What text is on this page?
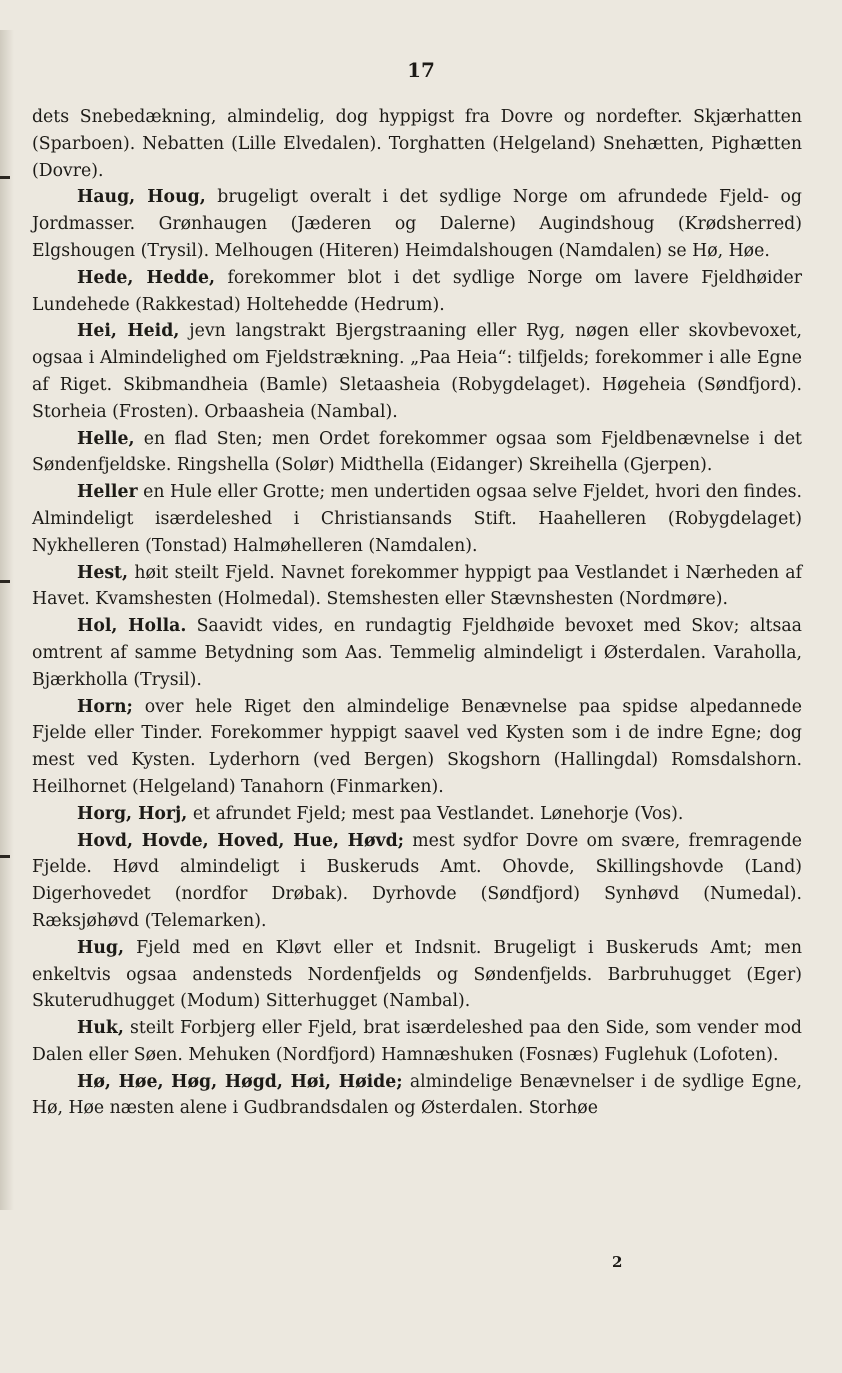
17

dets Snebedækning, almindelig, dog hyppigst fra Dovre og nordefter. Skjærhatten (Sparboen). Nebatten (Lille Elvedalen). Torghatten (Helgeland) Snehætten, Pighætten (Dovre).

Haug, Houg, brugeligt overalt i det sydlige Norge om afrundede Fjeld- og Jordmasser. Grønhaugen (Jæderen og Dalerne) Augindshoug (Krødsherred) Elgshougen (Trysil). Melhougen (Hiteren) Heimdalshougen (Namdalen) se Hø, Høe.

Hede, Hedde, forekommer blot i det sydlige Norge om lavere Fjeldhøider Lundehede (Rakkestad) Holtehedde (Hedrum).

Hei, Heid, jevn langstrakt Bjergstraaning eller Ryg, nøgen eller skovbevoxet, ogsaa i Almindelighed om Fjeldstrækning. „Paa Heia“: tilfjelds; forekommer i alle Egne af Riget. Skibmandheia (Bamle) Sletaasheia (Robygdelaget). Høgeheia (Søndfjord). Storheia (Frosten). Orbaasheia (Nambal).

Helle, en flad Sten; men Ordet forekommer ogsaa som Fjeldbenævnelse i det Søndenfjeldske. Ringshella (Solør) Midthella (Eidanger) Skreihella (Gjerpen).

Heller en Hule eller Grotte; men undertiden ogsaa selve Fjeldet, hvori den findes. Almindeligt isærdeleshed i Christiansands Stift. Haahelleren (Robygdelaget) Nykhelleren (Tonstad) Halmøhelleren (Namdalen).

Hest, høit steilt Fjeld. Navnet forekommer hyppigt paa Vestlandet i Nærheden af Havet. Kvamshesten (Holmedal). Stemshesten eller Stævnshesten (Nordmøre).

Hol, Holla. Saavidt vides, en rundagtig Fjeldhøide bevoxet med Skov; altsaa omtrent af samme Betydning som Aas. Temmelig almindeligt i Østerdalen. Varaholla, Bjærkholla (Trysil).

Horn; over hele Riget den almindelige Benævnelse paa spidse alpedannede Fjelde eller Tinder. Forekommer hyppigt saavel ved Kysten som i de indre Egne; dog mest ved Kysten. Lyderhorn (ved Bergen) Skogshorn (Hallingdal) Romsdalshorn. Heilhornet (Helgeland) Tanahorn (Finmarken).

Horg, Horj, et afrundet Fjeld; mest paa Vestlandet. Lønehorje (Vos).

Hovd, Hovde, Hoved, Hue, Høvd; mest sydfor Dovre om svære, fremragende Fjelde. Høvd almindeligt i Buskeruds Amt. Ohovde, Skillingshovde (Land) Digerhovedet (nordfor Drøbak). Dyrhovde (Søndfjord) Synhøvd (Numedal). Ræksjøhøvd (Telemarken).

Hug, Fjeld med en Kløvt eller et Indsnit. Brugeligt i Buskeruds Amt; men enkeltvis ogsaa andensteds Nordenfjelds og Søndenfjelds. Barbruhugget (Eger) Skuterudhugget (Modum) Sitterhugget (Nambal).

Huk, steilt Forbjerg eller Fjeld, brat isærdeleshed paa den Side, som vender mod Dalen eller Søen. Mehuken (Nordfjord) Hamnæshuken (Fosnæs) Fuglehuk (Lofoten).

Hø, Høe, Høg, Høgd, Høi, Høide; almindelige Benævnelser i de sydlige Egne, Hø, Høe næsten alene i Gudbrandsdalen og Østerdalen. Storhøe

2
